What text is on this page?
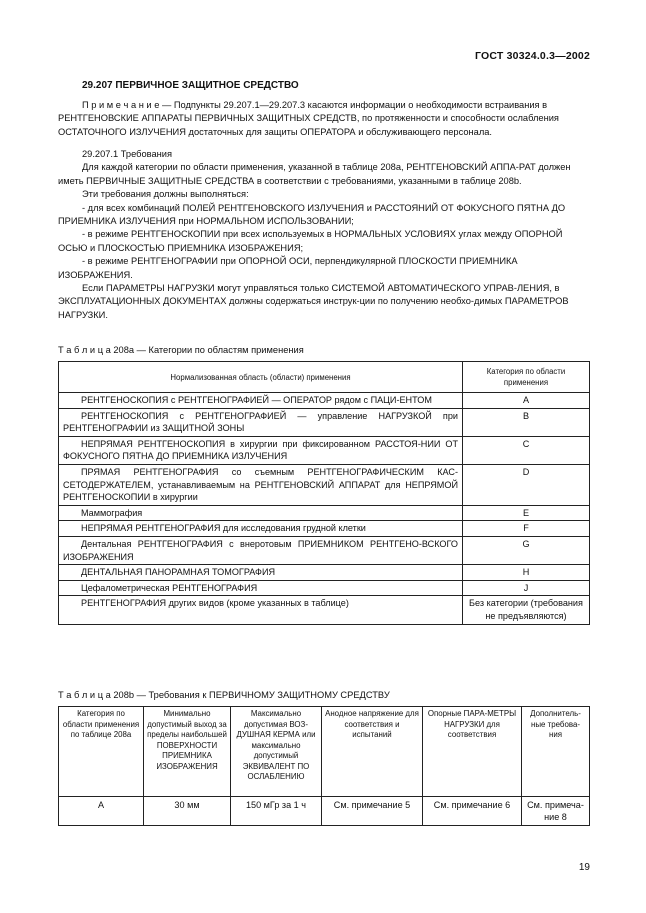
ГОСТ 30324.0.3—2002
29.207 ПЕРВИЧНОЕ ЗАЩИТНОЕ СРЕДСТВО

П р и м е ч а н и е — Подпункты 29.207.1—29.207.3 касаются информации о необходимости встраивания в РЕНТГЕНОВСКИЕ АППАРАТЫ ПЕРВИЧНЫХ ЗАЩИТНЫХ СРЕДСТВ, по протяженности и способности ослабления ОСТАТОЧНОГО ИЗЛУЧЕНИЯ достаточных для защиты ОПЕРАТОРА и обслуживающего персонала.

29.207.1 Требования

Для каждой категории по области применения, указанной в таблице 208а, РЕНТГЕНОВСКИЙ АППА-РАТ должен иметь ПЕРВИЧНЫЕ ЗАЩИТНЫЕ СРЕДСТВА в соответствии с требованиями, указанными в таблице 208b.

Эти требования должны выполняться:

- для всех комбинаций ПОЛЕЙ РЕНТГЕНОВСКОГО ИЗЛУЧЕНИЯ и РАССТОЯНИЙ ОТ ФОКУСНОГО ПЯТНА ДО ПРИЕМНИКА ИЗЛУЧЕНИЯ при НОРМАЛЬНОМ ИСПОЛЬЗОВАНИИ;

- в режиме РЕНТГЕНОСКОПИИ при всех используемых в НОРМАЛЬНЫХ УСЛОВИЯХ углах между ОПОРНОЙ ОСЬЮ и ПЛОСКОСТЬЮ ПРИЕМНИКА ИЗОБРАЖЕНИЯ;

- в режиме РЕНТГЕНОГРАФИИ при ОПОРНОЙ ОСИ, перпендикулярной ПЛОСКОСТИ ПРИЕМНИКА ИЗОБРАЖЕНИЯ.

Если ПАРАМЕТРЫ НАГРУЗКИ могут управляться только СИСТЕМОЙ АВТОМАТИЧЕСКОГО УПРАВ-ЛЕНИЯ, в ЭКСПЛУАТАЦИОННЫХ ДОКУМЕНТАХ должны содержаться инструк-ции по получению необхо-димых ПАРАМЕТРОВ НАГРУЗКИ.

Т а б л и ц а 208а — Категории по областям применения
Нормализованная область (области) применения	Категория по области применения
РЕНТГЕНОСКОПИЯ с РЕНТГЕНОГРАФИЕЙ — ОПЕРАТОР рядом с ПАЦИ-ЕНТОМ	А
РЕНТГЕНОСКОПИЯ с РЕНТГЕНОГРАФИЕЙ — управление НАГРУЗКОЙ при РЕНТГЕНОГРАФИИ из ЗАЩИТНОЙ ЗОНЫ	В
НЕПРЯМАЯ РЕНТГЕНОСКОПИЯ в хирургии при фиксированном РАССТОЯ-НИИ ОТ ФОКУСНОГО ПЯТНА ДО ПРИЕМНИКА ИЗЛУЧЕНИЯ	С
ПРЯМАЯ РЕНТГЕНОГРАФИЯ со съемным РЕНТГЕНОГРАФИЧЕСКИМ КАС-СЕТОДЕРЖАТЕЛЕМ, устанавливаемым на РЕНТГЕНОВСКИЙ АППАРАТ для НЕПРЯМОЙ РЕНТГЕНОСКОПИИ в хирургии	D
Маммография	Е
НЕПРЯМАЯ РЕНТГЕНОГРАФИЯ для исследования грудной клетки	F
Дентальная РЕНТГЕНОГРАФИЯ с внеротовым ПРИЕМНИКОМ РЕНТГЕНО-ВСКОГО ИЗОБРАЖЕНИЯ	G
ДЕНТАЛЬНАЯ ПАНОРАМНАЯ ТОМОГРАФИЯ	Н
Цефалометрическая РЕНТГЕНОГРАФИЯ	J
РЕНТГЕНОГРАФИЯ других видов (кроме указанных в таблице)	Без категории (требования не предъявляются)
Т а б л и ц а 208b — Требования к ПЕРВИЧНОМУ ЗАЩИТНОМУ СРЕДСТВУ
Категория по области применения по таблице 208а	Минимально допустимый выход за пределы наибольшей ПОВЕРХНОСТИ ПРИЕМНИКА ИЗОБРАЖЕНИЯ	Максимально допустимая ВОЗ-ДУШНАЯ КЕРМА или максимально допустимый ЭКВИВАЛЕНТ ПО ОСЛАБЛЕНИЮ	Анодное напряжение для соответствия и испытаний	Опорные ПАРА-МЕТРЫ НАГРУЗКИ для соответствия	Дополнитель-ные требова-ния
А	30 мм	150 мГр за 1 ч	См. примечание 5	См. примечание 6	См. примеча-ние 8
19
